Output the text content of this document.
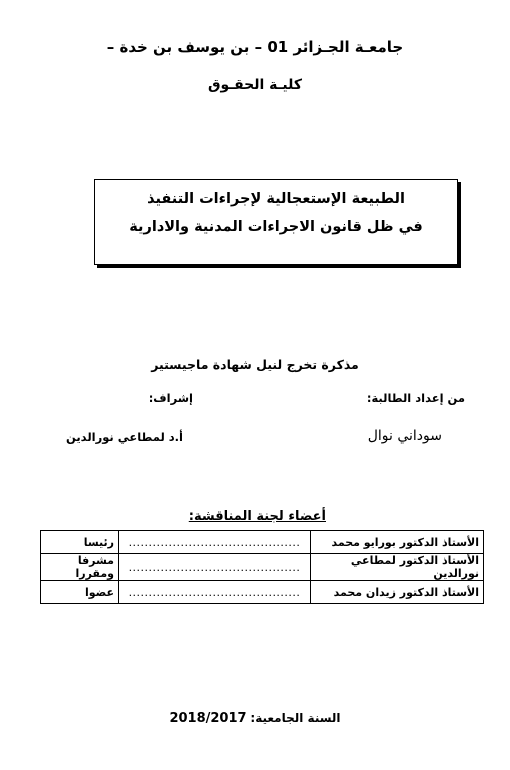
جامعـة الجـزائر 01 – بن يوسف بن خدة –
كليـة الحقـوق
الطبيعة الإستعجالية لإجراءات التنفيذ
في ظل قانون الاجراءات المدنية والادارية
مذكرة تخرج لنيل شهادة ماجيستير
من إعداد الطالبة:
إشراف:
سوداني نوال
أ.د لمطاعي نورالدين
أعضاء لجنة المناقشة:
الأستاذ الدكتور بورايو محمد	...........................................	رئيسا
الأستاذ الدكتور لمطاعي نورالدين	...........................................	مشرفا ومقررا
الأستاذ الدكتور زيدان محمد	...........................................	عضوا
السنة الجامعية: 2018/2017
